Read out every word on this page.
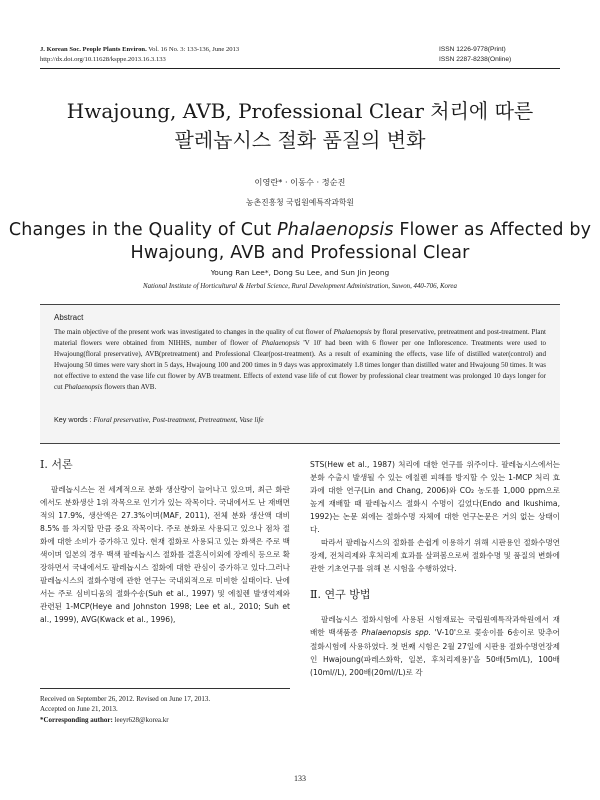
J. Korean Soc. People Plants Environ. Vol. 16 No. 3: 133-136, June 2013
http://dx.doi.org/10.11628/ksppe.2013.16.3.133
ISSN 1226-9778(Print)
ISSN 2287-8238(Online)
Hwajoung, AVB, Professional Clear 처리에 따른
팔레놉시스 절화 품질의 변화
이영란* · 이동수 · 정순진
농촌진흥청 국립원예특작과학원
Changes in the Quality of Cut Phalaenopsis Flower as Affected by
Hwajoung, AVB and Professional Clear
Young Ran Lee*, Dong Su Lee, and Sun Jin Jeong
National Institute of Horticultural & Herbal Science, Rural Development Administration, Suwon, 440-706, Korea
Abstract
The main objective of the present work was investigated to changes in the quality of cut flower of Phalaenopsis by floral preservative, pretreatment and post-treatment. Plant material flowers were obtained from NIHHS, number of flower of Phalaenopsis 'V 10' had been with 6 flower per one Inflorescence. Treatments were used to Hwajoung(floral preservative), AVB(pretreatment) and Professional Clear(post-treatment). As a result of examining the effects, vase life of distilled water(control) and Hwajoung 50 times were vary short in 5 days, Hwajoung 100 and 200 times in 9 days was approximately 1.8 times longer than distilled water and Hwajoung 50 times. It was not effective to extend the vase life cut flower by AVB treatment. Effects of extend vase life of cut flower by professional clear treatment was prolonged 10 days longer for cut Phalaenopsis flowers than AVB.
Key words : Floral preservative, Post-treatment, Pretreatment, Vase life
Ⅰ. 서론

팔레놉시스는 전 세계적으로 분화 생산량이 늘어나고 있으며, 최근 화란에서도 분화생산 1위 작목으로 인기가 있는 작목이다. 국내에서도 난 재배면적의 17.9%, 생산액은 27.3%이며(MAF, 2011), 전체 분화 생산액 대비 8.5% 를 차지할 만큼 중요 작목이다. 주로 분화로 사용되고 있으나 점차 절화에 대한 소비가 증가하고 있다. 현재 절화로 사용되고 있는 화색은 주로 백색이며 일본의 경우 백색 팔레놉시스 절화를 결혼식이외에 장례식 등으로 확장하면서 국내에서도 팔레놉시스 절화에 대한 관심이 증가하고 있다.그러나 팔레놉시스의 절화수명에 관한 연구는 국내외적으로 미비한 실태이다. 난에서는 주로 심비디움의 절화수송(Suh et al., 1997) 및 에칠렌 발생억제와 관련된 1-MCP(Heye and Johnston 1998; Lee et al., 2010; Suh et al., 1999), AVG(Kwack et al., 1996),

STS(Hew et al., 1987) 처리에 대한 연구를 위주이다. 팔레놉시스에서는 분화 수출시 발생될 수 있는 에칠렌 피해를 방지할 수 있는 1-MCP 처리 효과에 대한 연구(Lin and Chang, 2006)와 CO₂ 농도를 1,000 ppm으로 높게 재배할 때 팔레놉시스 절화시 수명이 길었다(Endo and Ikushima, 1992)는 논문 외에는 절화수명 자체에 대한 연구논문은 거의 없는 상태이다.

따라서 팔레놉시스의 절화를 손쉽게 이용하기 위해 시판용인 절화수명연장제, 전처리제와 후처리제 효과를 살펴봄으로써 절화수명 및 품질의 변화에 관한 기초연구를 위해 본 시험을 수행하였다.

Ⅱ. 연구 방법

팔레놉시스 절화시험에 사용된 시험재료는 국립원예특작과학원에서 재배한 백색품종 Phalaenopsis spp. 'V-10'으로 꽃송이를 6송이로 맞추어 절화시험에 사용하였다. 첫 번째 시험은 2월 27일에 시판용 절화수명연장제인 Hwajoung(파레스화학, 일본, 후처리제용)'을 50배(5ml/L), 100배(10ml//L), 200배(20ml//L)로 각

Received on September 26, 2012. Revised on June 17, 2013.
Accepted on June 21, 2013.
*Corresponding author: leeyr628@korea.kr
133
